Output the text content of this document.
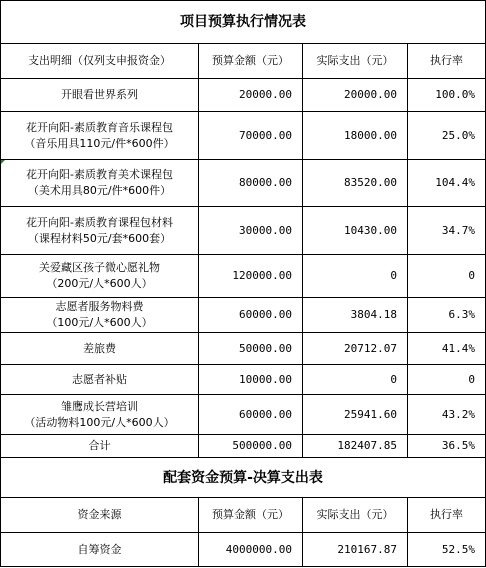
项目预算执行情况表
支出明细（仅列支申报资金）	预算金额（元）	实际支出（元）	执行率
开眼看世界系列	20000.00	20000.00	100.0%
花开向阳-素质教育音乐课程包
（音乐用具110元/件*600件）
70000.00	18000.00	25.0%
花开向阳-素质教育美术课程包
（美术用具80元/件*600件）
80000.00	83520.00	104.4%
花开向阳-素质教育课程包材料
（课程材料50元/套*600套）
30000.00	10430.00	34.7%
关爱藏区孩子微心愿礼物
（200元/人*600人）
120000.00	0	0
志愿者服务物料费
（100元/人*600人）
60000.00	3804.18	6.3%
差旅费	50000.00	20712.07	41.4%
志愿者补贴	10000.00	0	0
雏鹰成长营培训
（活动物料100元/人*600人）
60000.00	25941.60	43.2%
合计	500000.00	182407.85	36.5%
配套资金预算-决算支出表
资金来源	预算金额（元）	实际支出（元）	执行率
自筹资金	4000000.00	210167.87	52.5%
